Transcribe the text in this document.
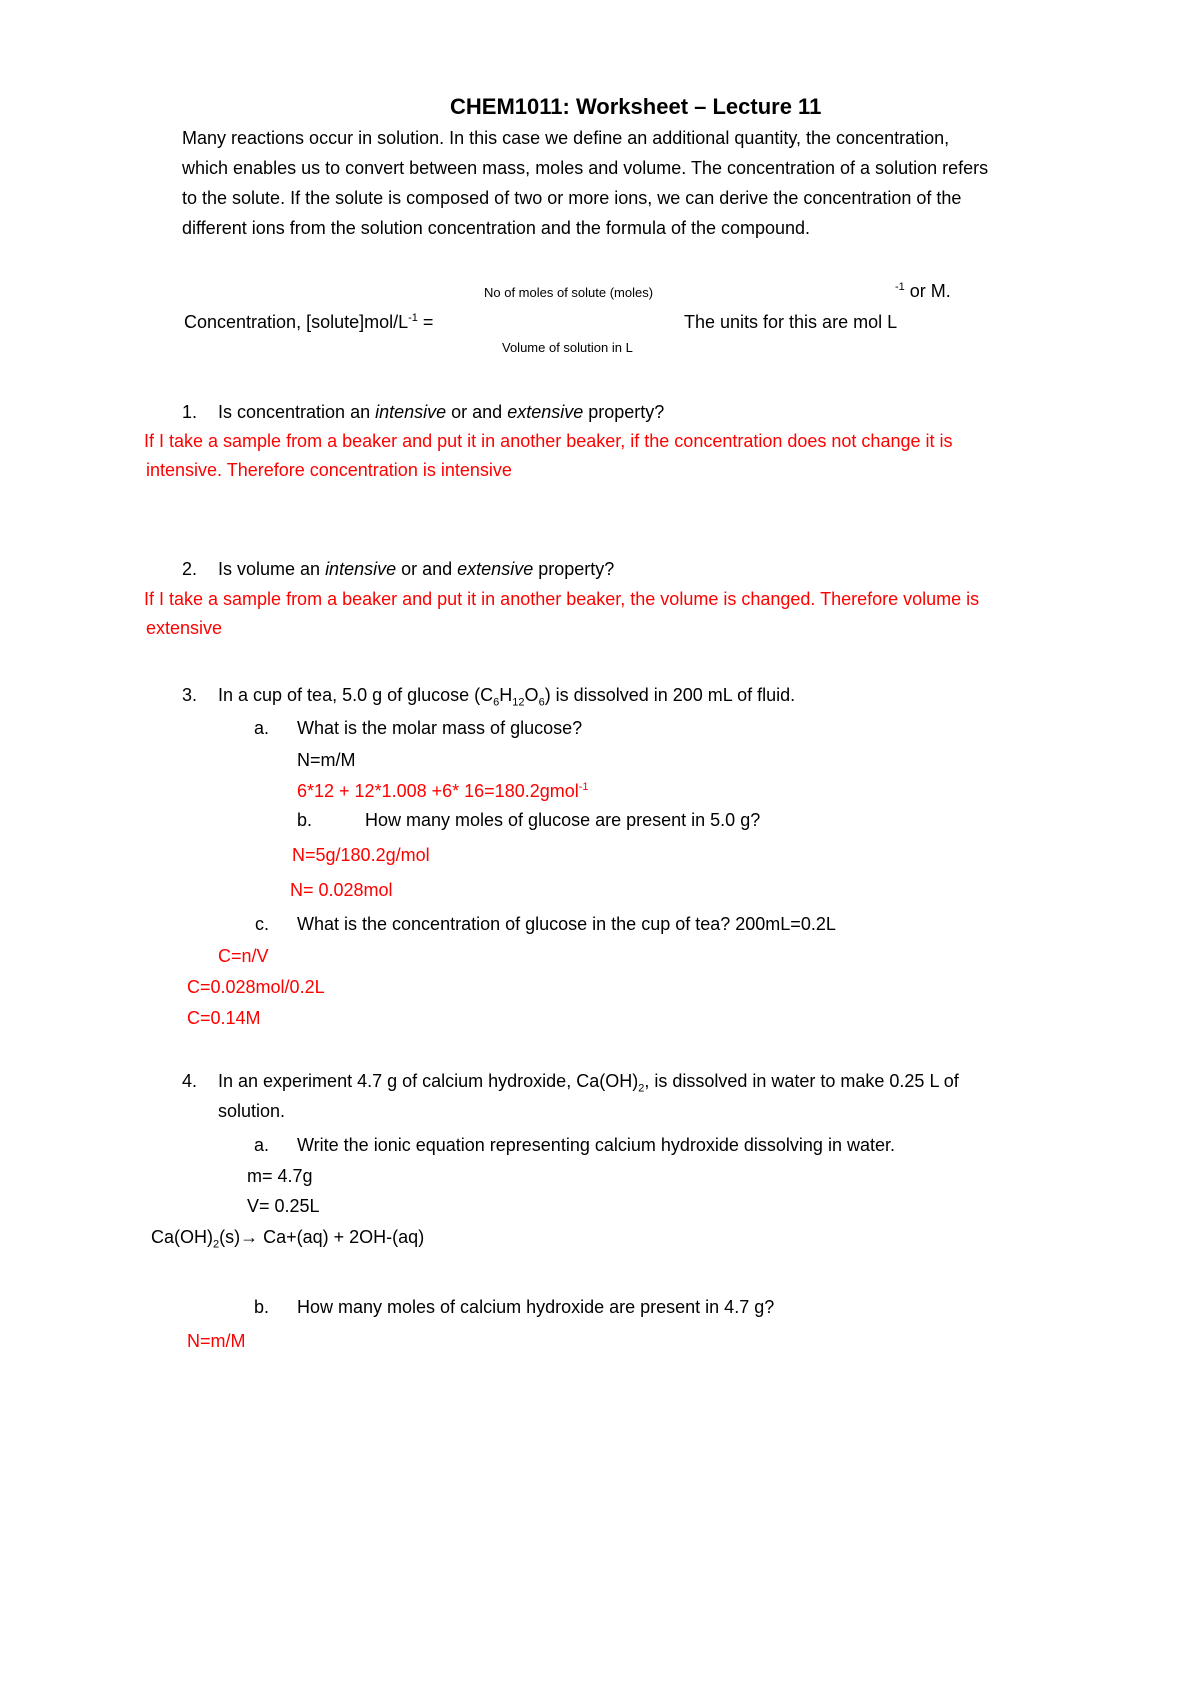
CHEM1011: Worksheet – Lecture 11
Many reactions occur in solution. In this case we define an additional quantity, the concentration,
which enables us to convert between mass, moles and volume. The concentration of a solution refers
to the solute. If the solute is composed of two or more ions, we can derive the concentration of the
different ions from the solution concentration and the formula of the compound.
No of moles of solute (moles)	$^{-1}$ or M.
Concentration, $[solute]mol/L^{-1}$ =	The units for this are mol L
Volume of solution in L
1. Is concentration an intensive or and extensive property?
If I take a sample from a beaker and put it in another beaker, if the concentration does not change it is
intensive. Therefore concentration is intensive
2. Is volume an intensive or and extensive property?
If I take a sample from a beaker and put it in another beaker, the volume is changed. Therefore volume is
extensive
3. In a cup of tea, 5.0 g of glucose $(C_6H_{12}O_6)$ is dissolved in 200 mL of fluid.
a. What is the molar mass of glucose?
N=m/M
6*12 + 12*1.008 +6* 16=180.2gmol$^{-1}$
b.	How many moles of glucose are present in 5.0 g?
N=5g/180.2g/mol
N= 0.028mol
c. What is the concentration of glucose in the cup of tea? 200mL=0.2L
C=n/V
C=0.028mol/0.2L
C=0.14M
4. In an experiment 4.7 g of calcium hydroxide, $Ca(OH)_2$, is dissolved in water to make 0.25 L of
solution.
a. Write the ionic equation representing calcium hydroxide dissolving in water.
m= 4.7g
V= 0.25L
$Ca(OH)_2(s)\to Ca+(aq) + 2OH-(aq)$
b. How many moles of calcium hydroxide are present in 4.7 g?
N=m/M
